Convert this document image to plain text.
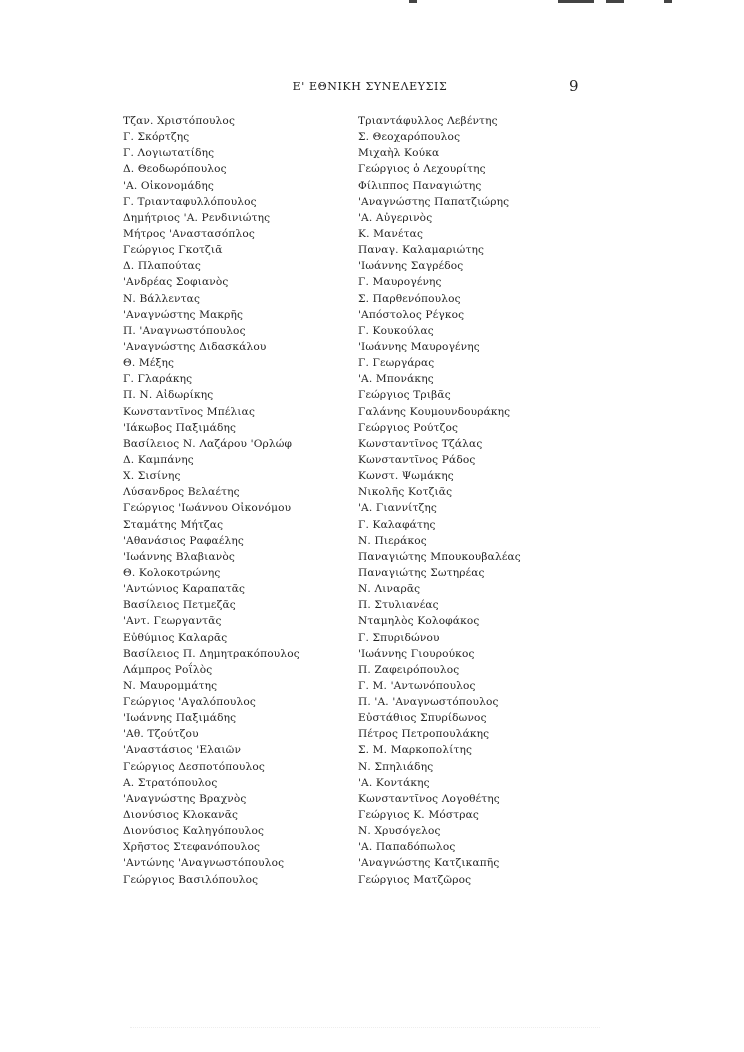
Ε' ΕΘΝΙΚΗ ΣΥΝΕΛΕΥΣΙΣ	9
Τζαν. Χριστόπουλος
Γ. Σκόρτζης
Γ. Λογιωτατίδης
Δ. Θεοδωρόπουλος
'Α. Οἰκονομάδης
Γ. Τριανταφυλλόπουλος
Δημήτριος 'Α. Ρενδινιώτης
Μήτρος 'Αναστασόπλος
Γεώργιος Γκοτζιᾶ
Δ. Πλαπούτας
'Ανδρέας Σοφιανὸς
Ν. Βάλλεντας
'Αναγνώστης Μακρῆς
Π. 'Αναγνωστόπουλος
'Αναγνώστης Διδασκάλου
Θ. Μέξης
Γ. Γλαράκης
Π. Ν. Αἰδωρίκης
Κωνσταντῖνος Μπέλιας
'Ιάκωβος Παξιμάδης
Βασίλειος Ν. Λαζάρου 'Ορλώφ
Δ. Καμπάνης
Χ. Σισίνης
Λύσανδρος Βελαέτης
Γεώργιος 'Ιωάννου Οἰκονόμου
Σταμάτης Μήτζας
'Αθανάσιος Ραφαέλης
'Ιωάννης Βλαβιανὸς
Θ. Κολοκοτρώνης
'Αντώνιος Καραπατᾶς
Βασίλειος Πετμεζᾶς
'Αντ. Γεωργαντᾶς
Εὐθύμιος Καλαρᾶς
Βασίλειος Π. Δημητρακόπουλος
Λάμπρος Ροΐλὸς
Ν. Μαυρομμάτης
Γεώργιος 'Αγαλόπουλος
'Ιωάννης Παξιμάδης
'Αθ. Τζούτζου
'Αναστάσιος 'Ελαιῶν
Γεώργιος Δεσποτόπουλος
Α. Στρατόπουλος
'Αναγνώστης Βραχνὸς
Διονύσιος Κλοκανᾶς
Διονύσιος Καληγόπουλος
Χρῆστος Στεφανόπουλος
'Αντώνης 'Αναγνωστόπουλος
Γεώργιος Βασιλόπουλος
Τριαντάφυλλος Λεβέντης
Σ. Θεοχαρόπουλος
Μιχαὴλ Κούκα
Γεώργιος ὁ Λεχουρίτης
Φίλιππος Παναγιώτης
'Αναγνώστης Παπατζιώρης
'Α. Αὐγερινὸς
Κ. Μανέτας
Παναγ. Καλαμαριώτης
'Ιωάννης Σαγρέδος
Γ. Μαυρογένης
Σ. Παρθενόπουλος
'Απόστολος Ρέγκος
Γ. Κουκούλας
'Ιωάννης Μαυρογένης
Γ. Γεωργάρας
'Α. Μπονάκης
Γεώργιος Τριβᾶς
Γαλάνης Κουμουνδουράκης
Γεώργιος Ρούτζος
Κωνσταντῖνος Τζάλας
Κωνσταντῖνος Ράδος
Κωνστ. Ψωμάκης
Νικολῆς Κοτζιᾶς
'Α. Γιαννίτζης
Γ. Καλαφάτης
Ν. Πιεράκος
Παναγιώτης Μπουκουβαλέας
Παναγιώτης Σωτηρέας
Ν. Λιναρᾶς
Π. Στυλιανέας
Νταμηλὸς Κολοφάκος
Γ. Σπυριδώνου
'Ιωάννης Γιουρούκος
Π. Ζαφειρόπουλος
Γ. Μ. 'Αντωνόπουλος
Π. 'Α. 'Αναγνωστόπουλος
Εὐστάθιος Σπυρίδωνος
Πέτρος Πετροπουλάκης
Σ. Μ. Μαρκοπολίτης
Ν. Σπηλιάδης
'Α. Κοντάκης
Κωνσταντῖνος Λογοθέτης
Γεώργιος Κ. Μόστρας
Ν. Χρυσόγελος
'Α. Παπαδόπωλος
'Αναγνώστης Κατζικαπῆς
Γεώργιος Ματζῶρος
